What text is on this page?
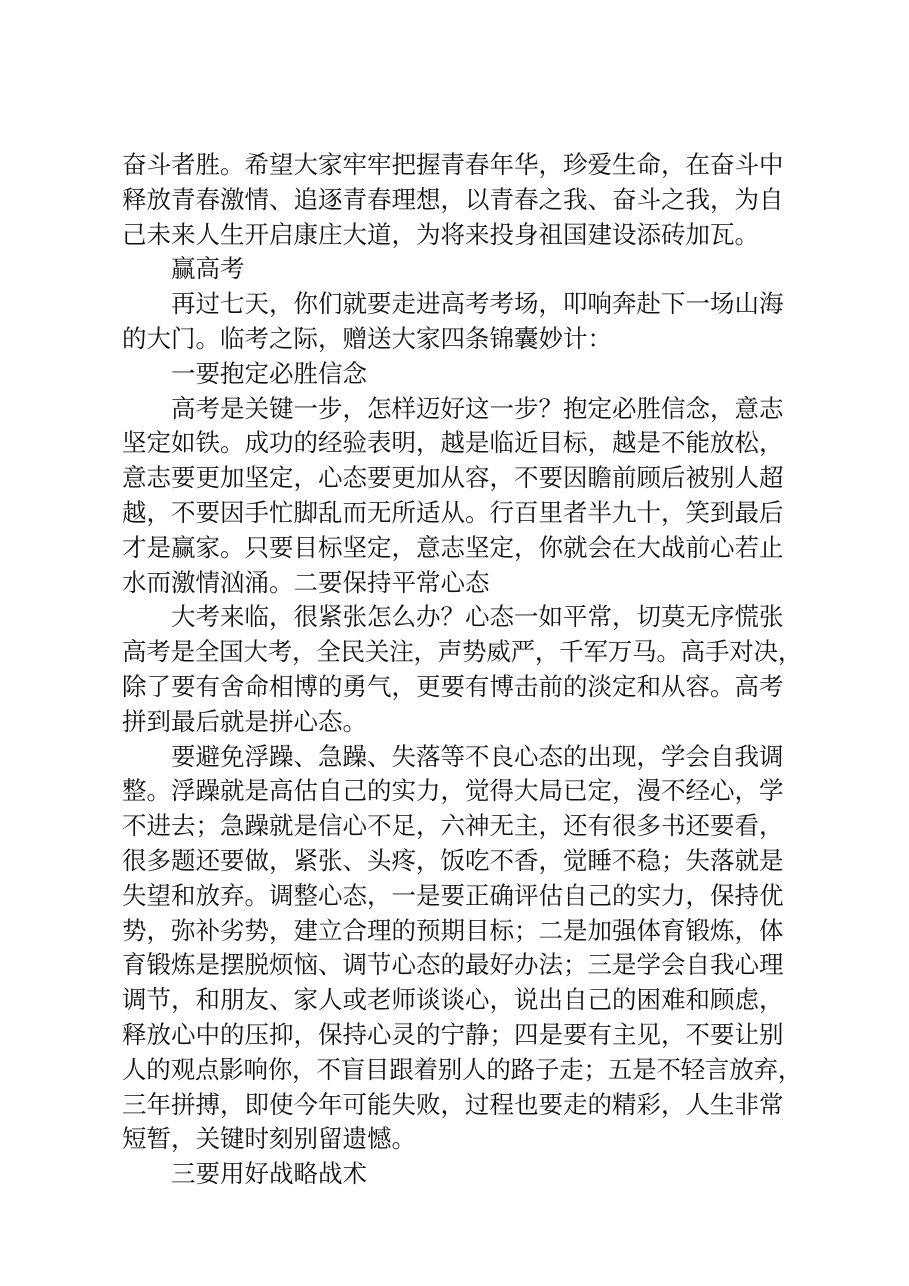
奋斗者胜。希望大家牢牢把握青春年华，珍爱生命，在奋斗中
释放青春激情、追逐青春理想，以青春之我、奋斗之我，为自
己未来人生开启康庄大道，为将来投身祖国建设添砖加瓦。
赢高考
再过七天，你们就要走进高考考场，叩响奔赴下一场山海
的大门。临考之际，赠送大家四条锦囊妙计：
一要抱定必胜信念
高考是关键一步，怎样迈好这一步？抱定必胜信念，意志
坚定如铁。成功的经验表明，越是临近目标，越是不能放松，
意志要更加坚定，心态要更加从容，不要因瞻前顾后被别人超
越，不要因手忙脚乱而无所适从。行百里者半九十，笑到最后
才是赢家。只要目标坚定，意志坚定，你就会在大战前心若止
水而激情汹涌。二要保持平常心态
大考来临，很紧张怎么办？心态一如平常，切莫无序慌张
高考是全国大考，全民关注，声势威严，千军万马。高手对决，
除了要有舍命相博的勇气，更要有博击前的淡定和从容。高考
拼到最后就是拼心态。
要避免浮躁、急躁、失落等不良心态的出现，学会自我调
整。浮躁就是高估自己的实力，觉得大局已定，漫不经心，学
不进去；急躁就是信心不足，六神无主，还有很多书还要看，
很多题还要做，紧张、头疼，饭吃不香，觉睡不稳；失落就是
失望和放弃。调整心态，一是要正确评估自己的实力，保持优
势，弥补劣势，建立合理的预期目标；二是加强体育锻炼，体
育锻炼是摆脱烦恼、调节心态的最好办法；三是学会自我心理
调节，和朋友、家人或老师谈谈心，说出自己的困难和顾虑，
释放心中的压抑，保持心灵的宁静；四是要有主见，不要让别
人的观点影响你，不盲目跟着别人的路子走；五是不轻言放弃，
三年拼搏，即使今年可能失败，过程也要走的精彩，人生非常
短暂，关键时刻别留遗憾。
三要用好战略战术
